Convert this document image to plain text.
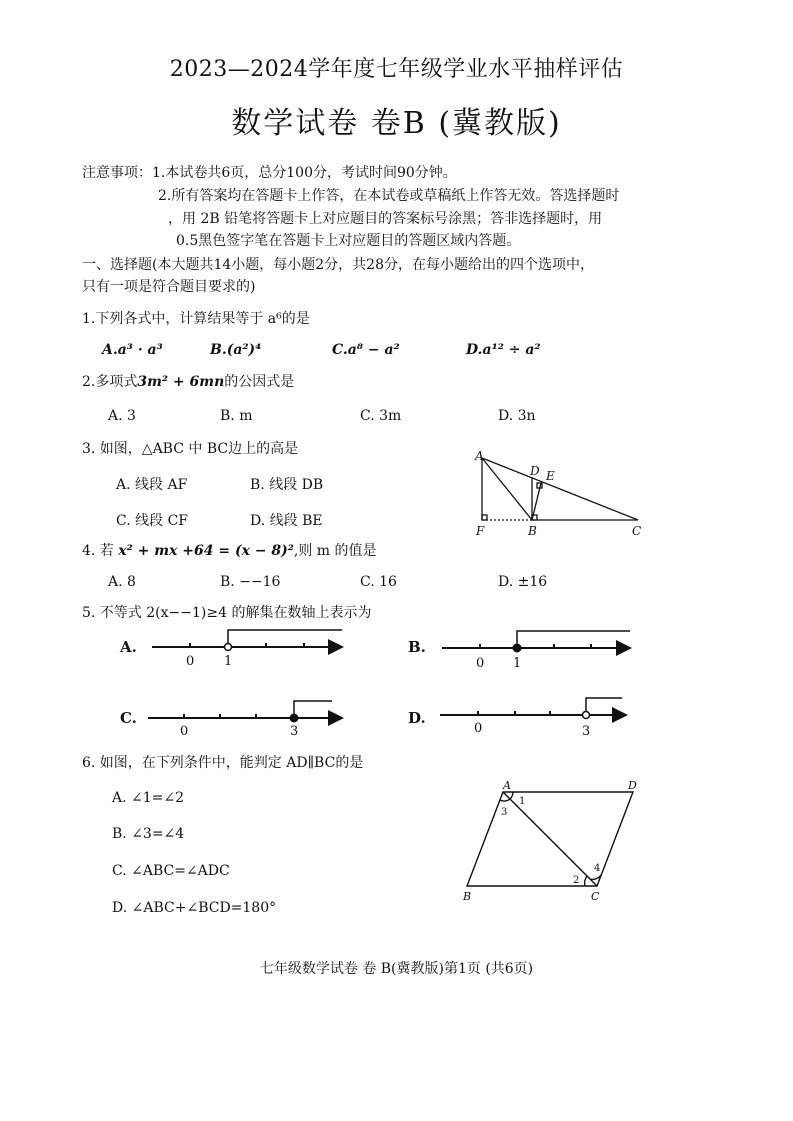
2023—2024学年度七年级学业水平抽样评估
数学试卷 卷B (冀教版)
注意事项：1.本试卷共6页，总分100分，考试时间90分钟。
2.所有答案均在答题卡上作答，在本试卷或草稿纸上作答无效。答选择题时
，用 2B 铅笔将答题卡上对应题目的答案标号涂黑；答非选择题时，用
0.5黑色签字笔在答题卡上对应题目的答题区域内答题。
一、选择题(本大题共14小题，每小题2分，共28分，在每小题给出的四个选项中，
只有一项是符合题目要求的)
1.下列各式中，计算结果等于 a⁶的是
A.a³ · a³	B.(a²)⁴	C.a⁸ − a²	D.a¹² ÷ a²
2.多项式3m² + 6mn的公因式是
A. 3	B. m	C. 3m	D. 3n
3. 如图，△ABC 中 BC边上的高是
A. 线段 AF	B. 线段 DB
C. 线段 CF	D. 线段 BE
A
D E
F	B	C
4. 若 x² + mx +64 = (x − 8)²,则 m 的值是
A. 8	B. −−16	C. 16	D. ±16
5. 不等式 2(x−−1)≥4 的解集在数轴上表示为
A.	B.
C.	D.
0 1	0 1
0	3	0	3
6. 如图，在下列条件中，能判定 AD∥BC的是
A. ∠1=∠2
B. ∠3=∠4
C. ∠ABC=∠ADC
D. ∠ABC+∠BCD=180°
A	D
B	C
1
3
2
4
七年级数学试卷 卷 B(冀教版)第1页 (共6页)
